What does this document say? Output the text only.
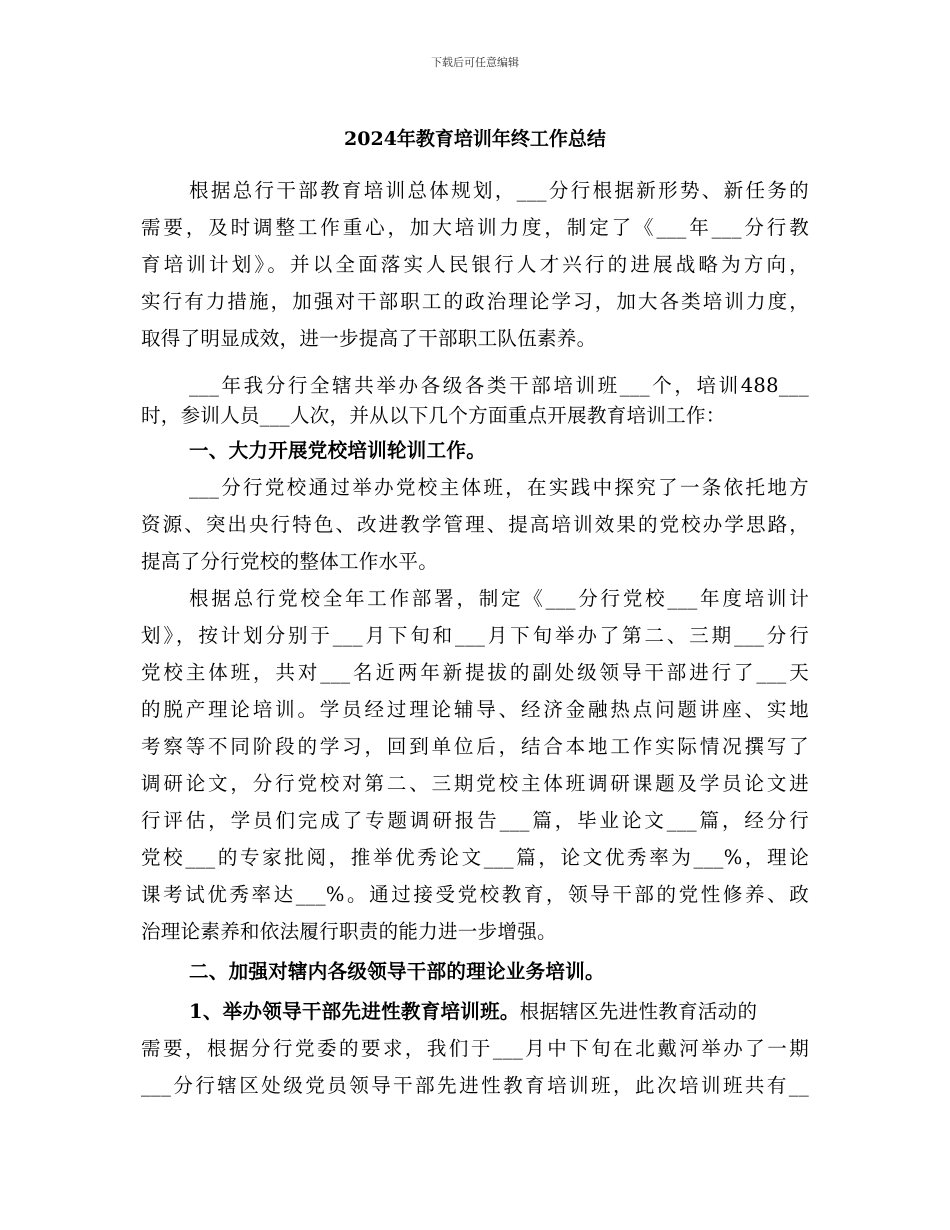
下载后可任意编辑
2024年教育培训年终工作总结
根据总行干部教育培训总体规划，___分行根据新形势、新任务的
需要，及时调整工作重心，加大培训力度，制定了《___年___分行教
育培训计划》。并以全面落实人民银行人才兴行的进展战略为方向，
实行有力措施，加强对干部职工的政治理论学习，加大各类培训力度，
取得了明显成效，进一步提高了干部职工队伍素养。
___年我分行全辖共举办各级各类干部培训班___个，培训488___
时，参训人员___人次，并从以下几个方面重点开展教育培训工作：
一、大力开展党校培训轮训工作。
___分行党校通过举办党校主体班，在实践中探究了一条依托地方
资源、突出央行特色、改进教学管理、提高培训效果的党校办学思路，
提高了分行党校的整体工作水平。
根据总行党校全年工作部署，制定《___分行党校___年度培训计
划》，按计划分别于___月下旬和___月下旬举办了第二、三期___分行
党校主体班，共对___名近两年新提拔的副处级领导干部进行了___天
的脱产理论培训。学员经过理论辅导、经济金融热点问题讲座、实地
考察等不同阶段的学习，回到单位后，结合本地工作实际情况撰写了
调研论文，分行党校对第二、三期党校主体班调研课题及学员论文进
行评估，学员们完成了专题调研报告___篇，毕业论文___篇，经分行
党校___的专家批阅，推举优秀论文___篇，论文优秀率为___%，理论
课考试优秀率达___%。通过接受党校教育，领导干部的党性修养、政
治理论素养和依法履行职责的能力进一步增强。
二、加强对辖内各级领导干部的理论业务培训。
1、举办领导干部先进性教育培训班。根据辖区先进性教育活动的
需要，根据分行党委的要求，我们于___月中下旬在北戴河举办了一期
___分行辖区处级党员领导干部先进性教育培训班，此次培训班共有__
